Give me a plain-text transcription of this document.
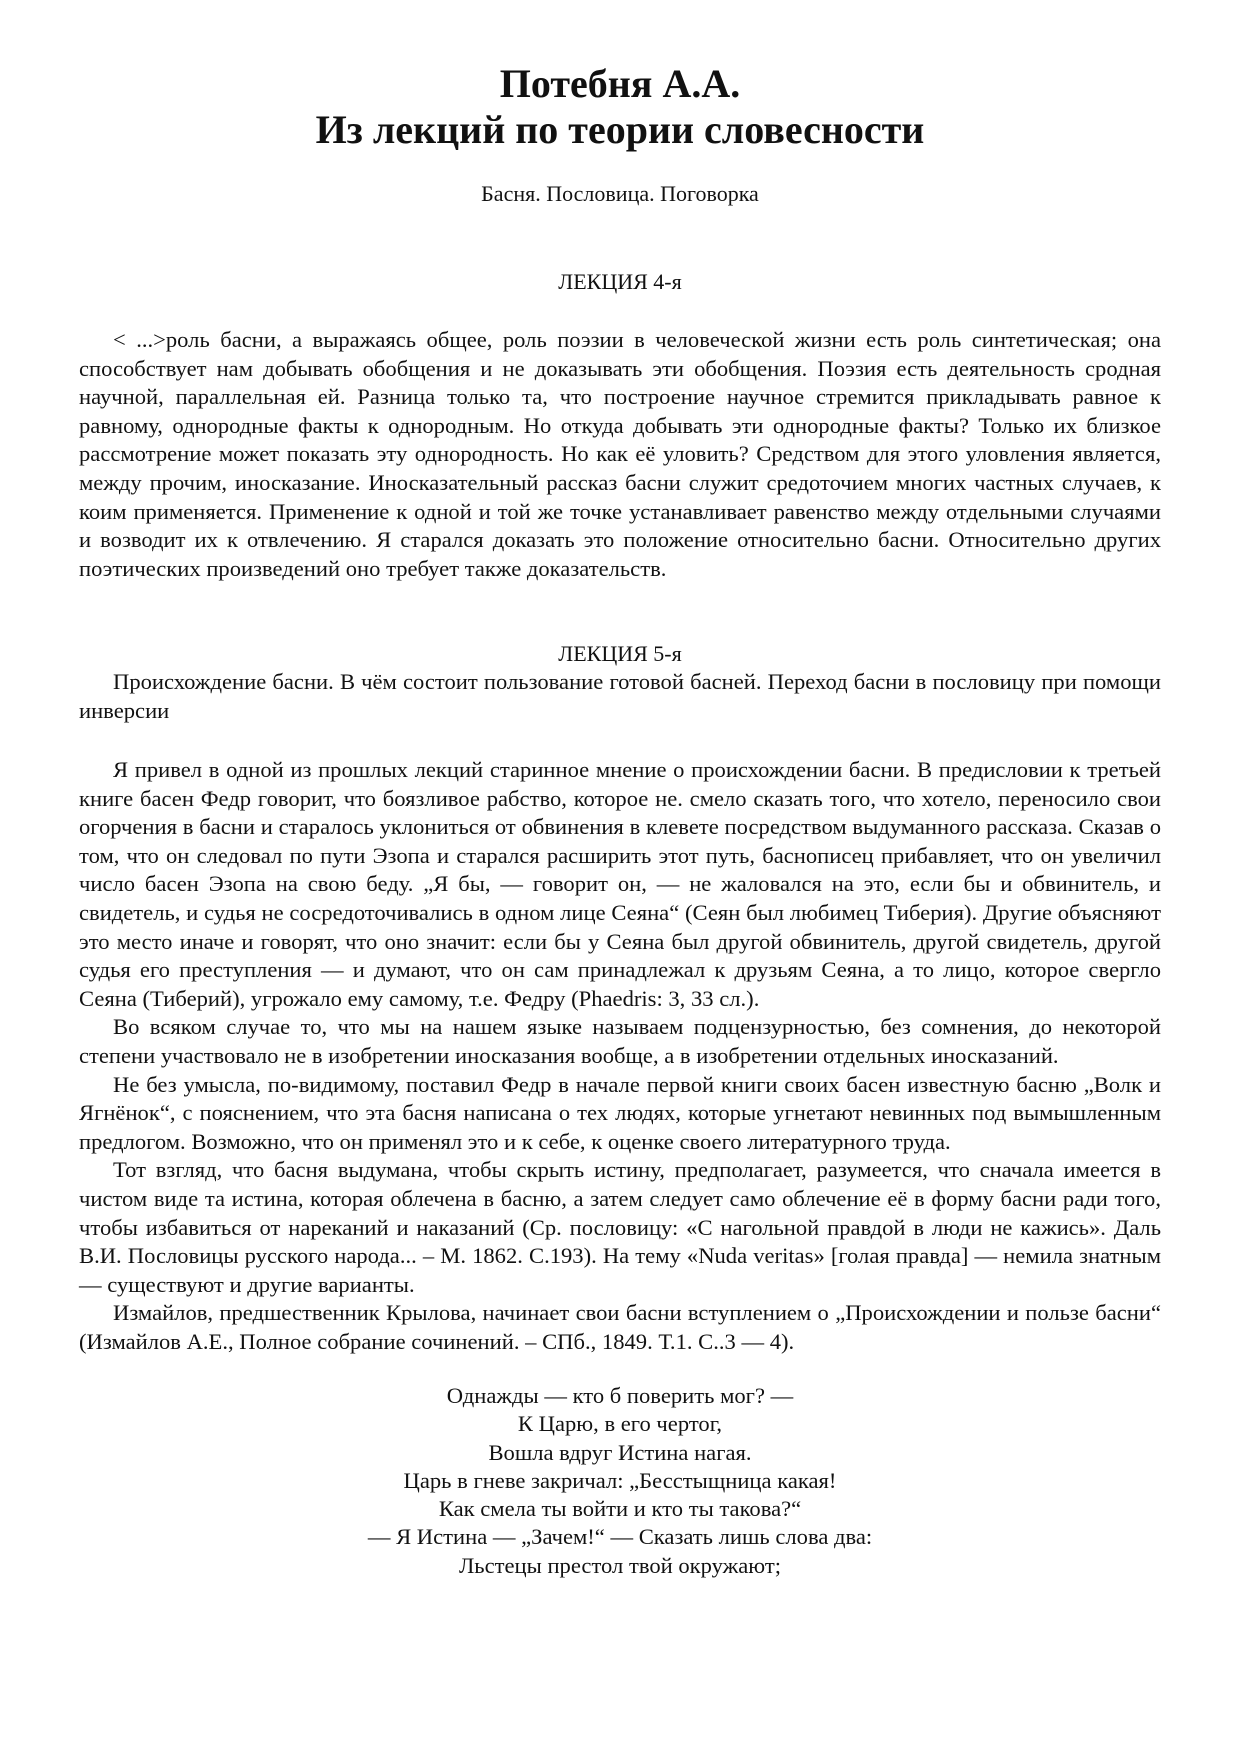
Потебня А.А.
Из лекций по теории словесности
Басня. Пословица. Поговорка
ЛЕКЦИЯ 4-я

< ...>роль басни, а выражаясь общее, роль поэзии в человеческой жизни есть роль синтетическая; она способствует нам добывать обобщения и не доказывать эти обобщения. Поэзия есть деятельность сродная научной, параллельная ей. Разница только та, что построение научное стремится прикладывать равное к равному, однородные факты к однородным. Но откуда добывать эти однородные факты? Только их близкое рассмотрение может показать эту однородность. Но как её уловить? Средством для этого уловления является, между прочим, иносказание. Иносказательный рассказ басни служит средоточием многих частных случаев, к коим применяется. Применение к одной и той же точке устанавливает равенство между отдельными случаями и возводит их к отвлечению. Я старался доказать это положение относительно басни. Относительно других поэтических произведений оно требует также доказательств.

ЛЕКЦИЯ 5-я

Происхождение басни. В чём состоит пользование готовой басней. Переход басни в пословицу при помощи инверсии

Я привел в одной из прошлых лекций старинное мнение о происхождении басни. В предисловии к третьей книге басен Федр говорит, что боязливое рабство, которое не. смело сказать того, что хотело, переносило свои огорчения в басни и старалось уклониться от обвинения в клевете посредством выдуманного рассказа. Сказав о том, что он следовал по пути Эзопа и старался расширить этот путь, баснописец прибавляет, что он увеличил число басен Эзопа на свою беду. „Я бы, — говорит он, — не жаловался на это, если бы и обвинитель, и свидетель, и судья не сосредоточивались в одном лице Сеяна“ (Сеян был любимец Тиберия). Другие объясняют это место иначе и говорят, что оно значит: если бы у Сеяна был другой обвинитель, другой свидетель, другой судья его преступления — и думают, что он сам принадлежал к друзьям Сеяна, а то лицо, которое свергло Сеяна (Тиберий), угрожало ему самому, т.е. Федру (Phaedris: 3, 33 сл.).

Во всяком случае то, что мы на нашем языке называем подцензурностью, без сомнения, до некоторой степени участвовало не в изобретении иносказания вообще, а в изобретении отдельных иносказаний.

Не без умысла, по-видимому, поставил Федр в начале первой книги своих басен известную басню „Волк и Ягнёнок“, с пояснением, что эта басня написана о тех людях, которые угнетают невинных под вымышленным предлогом. Возможно, что он применял это и к себе, к оценке своего литературного труда.

Тот взгляд, что басня выдумана, чтобы скрыть истину, предполагает, разумеется, что сначала имеется в чистом виде та истина, которая облечена в басню, а затем следует само облечение её в форму басни ради того, чтобы избавиться от нареканий и наказаний (Ср. пословицу: «С нагольной правдой в люди не кажись». Даль В.И. Пословицы русского народа... – М. 1862. С.193). На тему «Nuda veritas» [голая правда] — немила знатным — существуют и другие варианты.

Измайлов, предшественник Крылова, начинает свои басни вступлением о „Происхождении и пользе басни“ (Измайлов А.Е., Полное собрание сочинений. – СПб., 1849. Т.1. С..3 — 4).

Однажды — кто б поверить мог? —
К Царю, в его чертог,
Вошла вдруг Истина нагая.
Царь в гневе закричал: „Бесстыщница какая!
Как смела ты войти и кто ты такова?“
— Я Истина — „Зачем!“ — Сказать лишь слова два:
Льстецы престол твой окружают;
